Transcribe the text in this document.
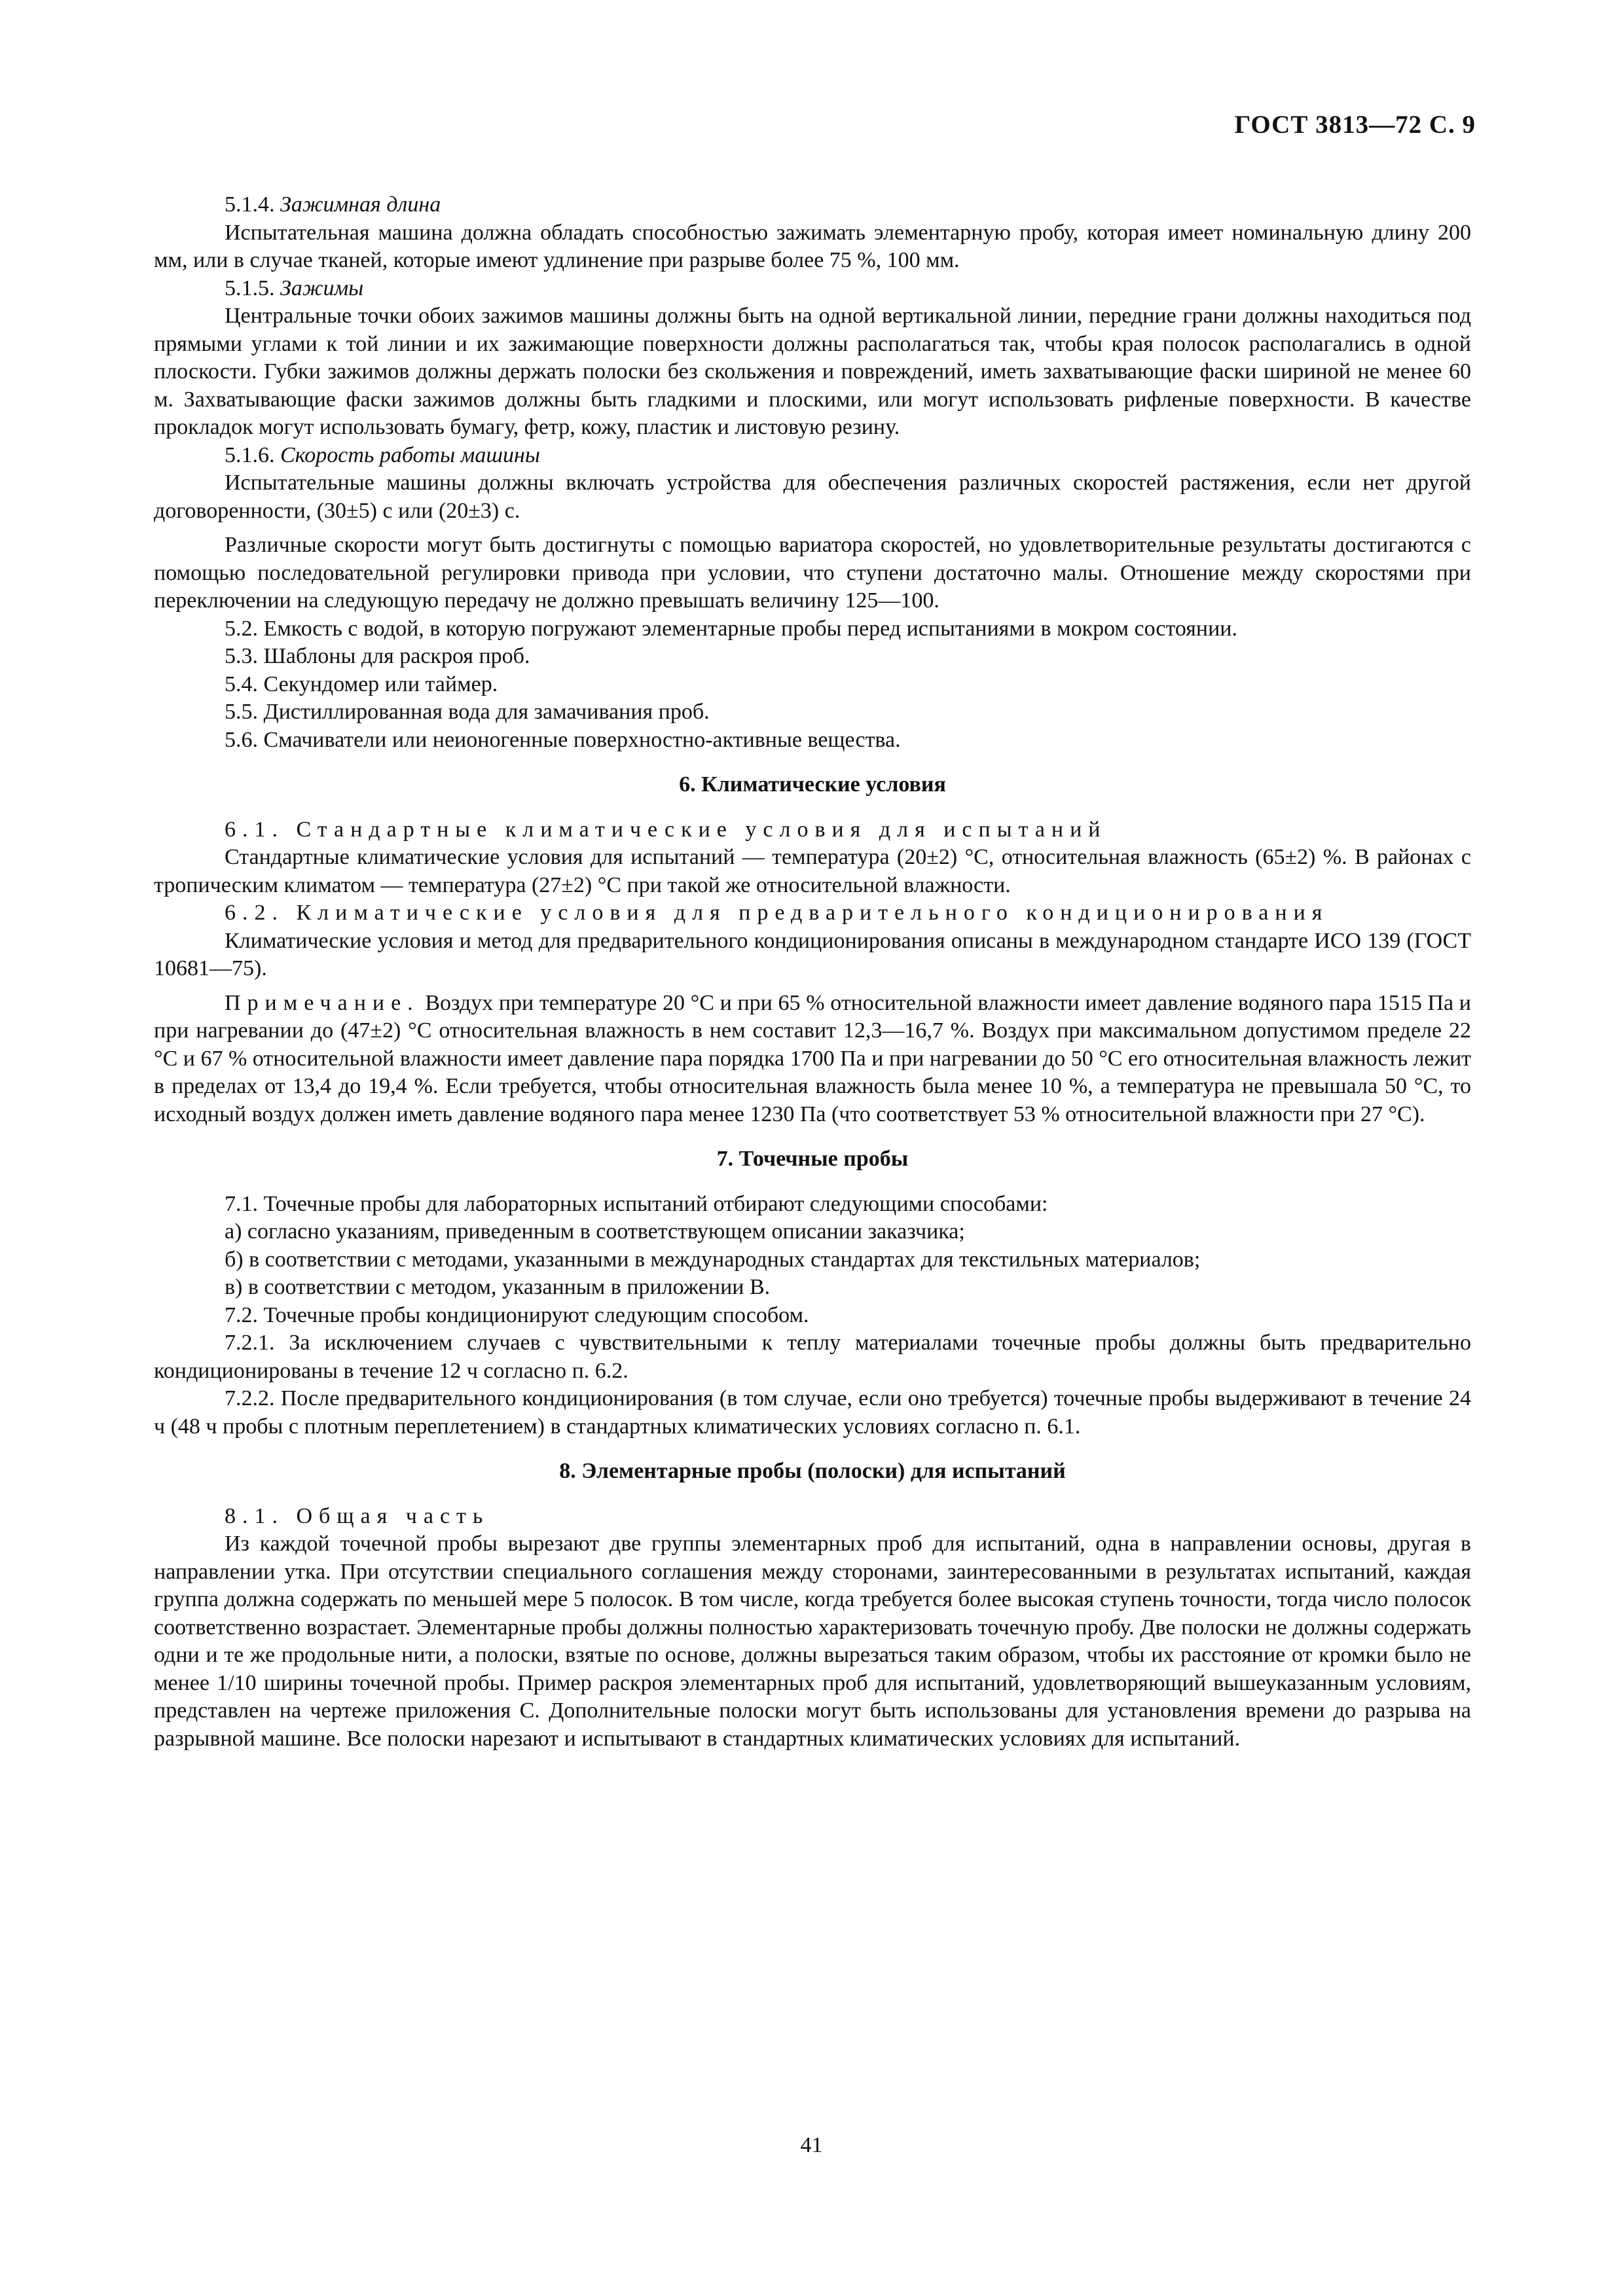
ГОСТ 3813—72 С. 9

5.1.4. Зажимная длина

Испытательная машина должна обладать способностью зажимать элементарную пробу, которая имеет номинальную длину 200 мм, или в случае тканей, которые имеют удлинение при разрыве более 75 %, 100 мм.

5.1.5. Зажимы

Центральные точки обоих зажимов машины должны быть на одной вертикальной линии, передние грани должны находиться под прямыми углами к той линии и их зажимающие поверхности должны располагаться так, чтобы края полосок располагались в одной плоскости. Губки зажимов должны держать полоски без скольжения и повреждений, иметь захватывающие фаски шириной не менее 60 м. Захватывающие фаски зажимов должны быть гладкими и плоскими, или могут использовать рифленые поверхности. В качестве прокладок могут использовать бумагу, фетр, кожу, пластик и листовую резину.

5.1.6. Скорость работы машины

Испытательные машины должны включать устройства для обеспечения различных скоростей растяжения, если нет другой договоренности, (30±5) с или (20±3) с.

Различные скорости могут быть достигнуты с помощью вариатора скоростей, но удовлетворительные результаты достигаются с помощью последовательной регулировки привода при условии, что ступени достаточно малы. Отношение между скоростями при переключении на следующую передачу не должно превышать величину 125—100.

5.2. Емкость с водой, в которую погружают элементарные пробы перед испытаниями в мокром состоянии.

5.3. Шаблоны для раскроя проб.

5.4. Секундомер или таймер.

5.5. Дистиллированная вода для замачивания проб.

5.6. Смачиватели или неионогенные поверхностно-активные вещества.

6. Климатические условия

6.1. Стандартные климатические условия для испытаний

Стандартные климатические условия для испытаний — температура (20±2) °С, относительная влажность (65±2) %. В районах с тропическим климатом — температура (27±2) °С при такой же относительной влажности.

6.2. Климатические условия для предварительного кондиционирования

Климатические условия и метод для предварительного кондиционирования описаны в международном стандарте ИСО 139 (ГОСТ 10681—75).

Примечание. Воздух при температуре 20 °С и при 65 % относительной влажности имеет давление водяного пара 1515 Па и при нагревании до (47±2) °С относительная влажность в нем составит 12,3—16,7 %. Воздух при максимальном допустимом пределе 22 °С и 67 % относительной влажности имеет давление пара порядка 1700 Па и при нагревании до 50 °С его относительная влажность лежит в пределах от 13,4 до 19,4 %. Если требуется, чтобы относительная влажность была менее 10 %, а температура не превышала 50 °С, то исходный воздух должен иметь давление водяного пара менее 1230 Па (что соответствует 53 % относительной влажности при 27 °С).

7. Точечные пробы

7.1. Точечные пробы для лабораторных испытаний отбирают следующими способами:

а) согласно указаниям, приведенным в соответствующем описании заказчика;

б) в соответствии с методами, указанными в международных стандартах для текстильных материалов;

в) в соответствии с методом, указанным в приложении В.

7.2. Точечные пробы кондиционируют следующим способом.

7.2.1. За исключением случаев с чувствительными к теплу материалами точечные пробы должны быть предварительно кондиционированы в течение 12 ч согласно п. 6.2.

7.2.2. После предварительного кондиционирования (в том случае, если оно требуется) точечные пробы выдерживают в течение 24 ч (48 ч пробы с плотным переплетением) в стандартных климатических условиях согласно п. 6.1.

8. Элементарные пробы (полоски) для испытаний

8.1. Общая часть

Из каждой точечной пробы вырезают две группы элементарных проб для испытаний, одна в направлении основы, другая в направлении утка. При отсутствии специального соглашения между сторонами, заинтересованными в результатах испытаний, каждая группа должна содержать по меньшей мере 5 полосок. В том числе, когда требуется более высокая ступень точности, тогда число полосок соответственно возрастает. Элементарные пробы должны полностью характеризовать точечную пробу. Две полоски не должны содержать одни и те же продольные нити, а полоски, взятые по основе, должны вырезаться таким образом, чтобы их расстояние от кромки было не менее 1/10 ширины точечной пробы. Пример раскроя элементарных проб для испытаний, удовлетворяющий вышеуказанным условиям, представлен на чертеже приложения С. Дополнительные полоски могут быть использованы для установления времени до разрыва на разрывной машине. Все полоски нарезают и испытывают в стандартных климатических условиях для испытаний.

41
